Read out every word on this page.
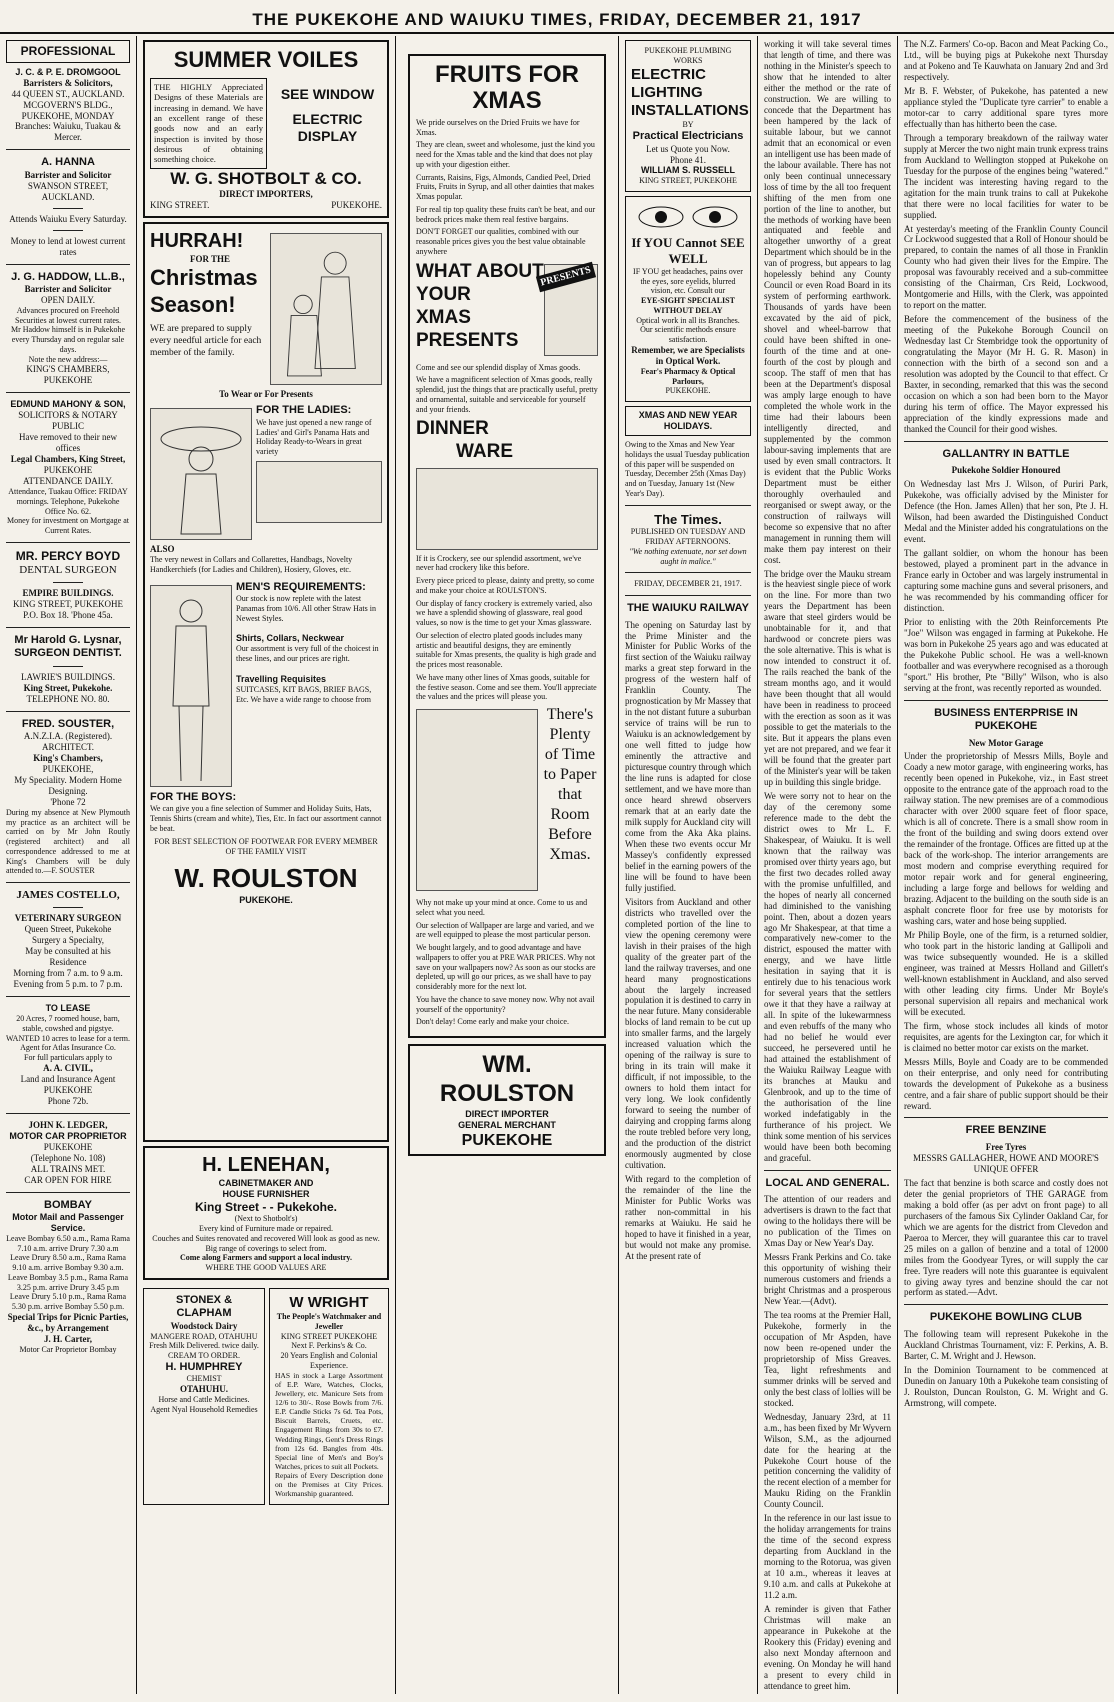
THE PUKEKOHE AND WAIUKU TIMES, FRIDAY, DECEMBER 21, 1917
PROFESSIONAL
J. C. & P. E. DROMGOOL
Barristers & Solicitors,
44 QUEEN ST., AUCKLAND.
MCGOVERN'S BLDG., PUKEKOHE, MONDAY
Branches: Waiuku, Tuakau & Mercer.
A. HANNA
Barrister and Solicitor
SWANSON STREET, AUCKLAND.
Attends Waiuku Every Saturday.
Money to lend at lowest current rates
J. G. HADDOW, LL.B.,
Barrister and Solicitor
OPEN DAILY.
Advances procured on Freehold Securities at lowest current rates.
Mr Haddow himself is in Pukekohe every Thursday and on regular sale days.
Note the new address:—
KING'S CHAMBERS, PUKEKOHE
EDMUND MAHONY & SON,
SOLICITORS & NOTARY PUBLIC
Have removed to their new offices
Legal Chambers, King Street,
PUKEKOHE
ATTENDANCE DAILY.
Attendance, Tuakau Office: FRIDAY mornings. Telephone, Pukekohe Office No. 62.
Money for investment on Mortgage at Current Rates.
MR. PERCY BOYD
DENTAL SURGEON
EMPIRE BUILDINGS.
KING STREET, PUKEKOHE
P.O. Box 18. 'Phone 45a.
Mr Harold G. Lysnar,
SURGEON DENTIST.
LAWRIE'S BUILDINGS.
King Street, Pukekohe.
TELEPHONE NO. 80.
FRED. SOUSTER,
A.N.Z.I.A. (Registered).
ARCHITECT.
King's Chambers,
PUKEKOHE,
My Speciality. Modern Home Designing.
'Phone 72
During my absence at New Plymouth my practice as an architect will be carried on by Mr John Routly (registered architect) and all correspondence addressed to me at King's Chambers will be duly attended to.—F. SOUSTER
JAMES COSTELLO,
VETERINARY SURGEON
Queen Street, Pukekohe
Surgery a Specialty,
May be consulted at his Residence
Morning from 7 a.m. to 9 a.m.
Evening from 5 p.m. to 7 p.m.
TO LEASE
20 Acres, 7 roomed house, barn, stable, cowshed and pigstye.
WANTED 10 acres to lease for a term.
Agent for Atlas Insurance Co.
For full particulars apply to
A. A. CIVIL,
Land and Insurance Agent
PUKEKOHE
Phone 72b.
JOHN K. LEDGER,
MOTOR CAR PROPRIETOR
PUKEKOHE
(Telephone No. 108)
ALL TRAINS MET.
CAR OPEN FOR HIRE
BOMBAY
Motor Mail and Passenger Service.
Leave Bombay 6.50 a.m., Rama Rama 7.10 a.m. arrive Drury 7.30 a.m
Leave Drury 8.50 a.m., Rama Rama 9.10 a.m. arrive Bombay 9.30 a.m.
Leave Bombay 3.5 p.m., Rama Rama 3.25 p.m. arrive Drury 3.45 p.m
Leave Drury 5.10 p.m., Rama Rama 5.30 p.m. arrive Bombay 5.50 p.m.
Special Trips for Picnic Parties, &c., by Arrangement
J. H. Carter,
Motor Car Proprietor Bombay
SUMMER VOILES
THE HIGHLY Appreciated Designs of these Materials are increasing in demand. We have an excellent range of these goods now and an early inspection is invited by those desirous of obtaining something choice.
SEE WINDOW
ELECTRIC DISPLAY
W. G. SHOTBOLT & CO.
DIRECT IMPORTERS,
KING STREET.	PUKEKOHE.
HURRAH!
FOR THE
Christmas
Season!
WE are prepared to supply every needful article for each member of the family.
To Wear or For Presents
FOR THE LADIES:
We have just opened a new range of Ladies' and Girl's Panama Hats and Holiday Ready-to-Wears in great variety
ALSO
The very newest in Collars and Collarettes, Handbags, Novelty Handkerchiefs (for Ladies and Children), Hosiery, Gloves, etc.
MEN'S REQUIREMENTS:
Our stock is now replete with the latest Panamas from 10/6. All other Straw Hats in Newest Styles.
Shirts, Collars, Neckwear
Our assortment is very full of the choicest in these lines, and our prices are right.
Travelling Requisites
SUITCASES, KIT BAGS, BRIEF BAGS, Etc. We have a wide range to choose from
FOR THE BOYS:
We can give you a fine selection of Summer and Holiday Suits, Hats, Tennis Shirts (cream and white), Ties, Etc. In fact our assortment cannot be beat.
FOR BEST SELECTION OF FOOTWEAR FOR EVERY MEMBER OF THE FAMILY VISIT
W. ROULSTON
PUKEKOHE.
H. LENEHAN,
CABINETMAKER AND
HOUSE FURNISHER
King Street - - Pukekohe.
(Next to Shotbolt's)
Every kind of Furniture made or repaired.
Couches and Suites renovated and recovered Will look as good as new. Big range of coverings to select from.
Come along Farmers and support a local industry.
WHERE THE GOOD VALUES ARE
STONEX & CLAPHAM
Woodstock Dairy
MANGERE ROAD, OTAHUHU
Fresh Milk Delivered. twice daily.
CREAM TO ORDER.
H. HUMPHREY
CHEMIST
OTAHUHU.
Horse and Cattle Medicines.
Agent Nyal Household Remedies
W WRIGHT
The People's Watchmaker and Jeweller
KING STREET PUKEKOHE
Next F. Perkins's & Co.
20 Years English and Colonial Experience.
HAS in stock a Large Assortment of E.P. Ware, Watches, Clocks, Jewellery, etc. Manicure Sets from 12/6 to 30/-. Rose Bowls from 7/6. E.P. Candle Sticks 7s 6d. Tea Pots, Biscuit Barrels, Cruets, etc. Engagement Rings from 30s to £7. Wedding Rings, Gent's Dress Rings from 12s 6d. Bangles from 40s. Special line of Men's and Boy's Watches, prices to suit all Pockets.
Repairs of Every Description done on the Premises at City Prices. Workmanship guaranteed.
FRUITS FOR XMAS

We pride ourselves on the Dried Fruits we have for Xmas.

They are clean, sweet and wholesome, just the kind you need for the Xmas table and the kind that does not play up with your digestion either.

Currants, Raisins, Figs, Almonds, Candied Peel, Dried Fruits, Fruits in Syrup, and all other dainties that makes Xmas popular.

For real tip top quality these fruits can't be beat, and our bedrock prices make them real festive bargains.

DON'T FORGET our qualities, combined with our reasonable prices gives you the best value obtainable anywhere

WHAT ABOUT
YOUR
XMAS
PRESENTS
PRESENTS

Come and see our splendid display of Xmas goods.

We have a magnificent selection of Xmas goods, really splendid, just the things that are practically useful, pretty and ornamental, suitable and serviceable for yourself and your friends.

DINNER
WARE

If it is Crockery, see our splendid assortment, we've never had crockery like this before.

Every piece priced to please, dainty and pretty, so come and make your choice at ROULSTON'S.

Our display of fancy crockery is extremely varied, also we have a splendid showing of glassware, real good values, so now is the time to get your Xmas glassware.

Our selection of electro plated goods includes many artistic and beautiful designs, they are eminently suitable for Xmas presents, the quality is high grade and the prices most reasonable.

We have many other lines of Xmas goods, suitable for the festive season. Come and see them. You'll appreciate the values and the prices will please you.

There's Plenty of Time to Paper that Room Before Xmas.

Why not make up your mind at once. Come to us and select what you need.

Our selection of Wallpaper are large and varied, and we are well equipped to please the most particular person.

We bought largely, and to good advantage and have wallpapers to offer you at PRE WAR PRICES. Why not save on your wallpapers now? As soon as our stocks are depleted, up will go our prices, as we shall have to pay considerably more for the next lot.

You have the chance to save money now. Why not avail yourself of the opportunity?

Don't delay! Come early and make your choice.

WM. ROULSTON
DIRECT IMPORTER
GENERAL MERCHANT
PUKEKOHE
PUKEKOHE PLUMBING WORKS
ELECTRIC
LIGHTING
INSTALLATIONS
BY
Practical Electricians
Let us Quote you Now.
Phone 41.
WILLIAM S. RUSSELL
KING STREET, PUKEKOHE
If YOU Cannot SEE WELL
IF YOU get headaches, pains over the eyes, sore eyelids, blurred vision, etc. Consult our
EYE-SIGHT SPECIALIST WITHOUT DELAY
Optical work in all its Branches.
Our scientific methods ensure satisfaction.
Remember, we are Specialists in Optical Work.
Fear's Pharmacy & Optical Parlours,
PUKEKOHE.
XMAS AND NEW YEAR HOLIDAYS.
Owing to the Xmas and New Year holidays the usual Tuesday publication of this paper will be suspended on Tuesday, December 25th (Xmas Day) and on Tuesday, January 1st (New Year's Day).
The Times.
PUBLISHED ON TUESDAY AND FRIDAY AFTERNOONS.
"We nothing extenuate, nor set down aught in malice."
FRIDAY, DECEMBER 21, 1917.
THE WAIUKU RAILWAY

The opening on Saturday last by the Prime Minister and the Minister for Public Works of the first section of the Waiuku railway marks a great step forward in the progress of the western half of Franklin County. The prognostication by Mr Massey that in the not distant future a suburban service of trains will be run to Waiuku is an acknowledgement by one well fitted to judge how eminently the attractive and picturesque country through which the line runs is adapted for close settlement, and we have more than once heard shrewd observers remark that at an early date the milk supply for Auckland city will come from the Aka Aka plains. When these two events occur Mr Massey's confidently expressed belief in the earning powers of the line will be found to have been fully justified.

Visitors from Auckland and other districts who travelled over the completed portion of the line to view the opening ceremony were lavish in their praises of the high quality of the greater part of the land the railway traverses, and one heard many prognostications about the largely increased population it is destined to carry in the near future. Many considerable blocks of land remain to be cut up into smaller farms, and the largely increased valuation which the opening of the railway is sure to bring in its train will make it difficult, if not impossible, to the owners to hold them intact for very long. We look confidently forward to seeing the number of dairying and cropping farms along the route trebled before very long, and the production of the district enormously augmented by close cultivation.

With regard to the completion of the remainder of the line the Minister for Public Works was rather non-committal in his remarks at Waiuku. He said he hoped to have it finished in a year, but would not make any promise. At the present rate of

working it will take several times that length of time, and there was nothing in the Minister's speech to show that he intended to alter either the method or the rate of construction. We are willing to concede that the Department has been hampered by the lack of suitable labour, but we cannot admit that an economical or even an intelligent use has been made of the labour available. There has not only been continual unnecessary loss of time by the all too frequent shifting of the men from one portion of the line to another, but the methods of working have been antiquated and feeble and altogether unworthy of a great Department which should be in the van of progress, but appears to lag hopelessly behind any County Council or even Road Board in its system of performing earthwork. Thousands of yards have been excavated by the aid of pick, shovel and wheel-barrow that could have been shifted in one-fourth of the time and at one-fourth of the cost by plough and scoop. The staff of men that has been at the Department's disposal was amply large enough to have completed the whole work in the time had their labours been intelligently directed, and supplemented by the common labour-saving implements that are used by even small contractors. It is evident that the Public Works Department must be either thoroughly overhauled and reorganised or swept away, or the construction of railways will become so expensive that no after management in running them will make them pay interest on their cost.

The bridge over the Mauku stream is the heaviest single piece of work on the line. For more than two years the Department has been aware that steel girders would be unobtainable for it, and that hardwood or concrete piers was the sole alternative. This is what is now intended to construct it of. The rails reached the bank of the stream months ago, and it would have been thought that all would have been in readiness to proceed with the erection as soon as it was possible to get the materials to the site. But it appears the plans even yet are not prepared, and we fear it will be found that the greater part of the Minister's year will be taken up in building this single bridge.

We were sorry not to hear on the day of the ceremony some reference made to the debt the district owes to Mr L. F. Shakespear, of Waiuku. It is well known that the railway was promised over thirty years ago, but the first two decades rolled away with the promise unfulfilled, and the hopes of nearly all concerned had diminished to the vanishing point. Then, about a dozen years ago Mr Shakespear, at that time a comparatively new-comer to the district, espoused the matter with energy, and we have little hesitation in saying that it is entirely due to his tenacious work for several years that the settlers owe it that they have a railway at all. In spite of the lukewarmness and even rebuffs of the many who had no belief he would ever succeed, he persevered until he had attained the establishment of the Waiuku Railway League with its branches at Mauku and Glenbrook, and up to the time of the authorisation of the line worked indefatigably in the furtherance of his project. We think some mention of his services would have been both becoming and graceful.

LOCAL AND GENERAL.

The attention of our readers and advertisers is drawn to the fact that owing to the holidays there will be no publication of the Times on Xmas Day or New Year's Day.

Messrs Frank Perkins and Co. take this opportunity of wishing their numerous customers and friends a bright Christmas and a prosperous New Year.—(Advt).

The tea rooms at the Premier Hall, Pukekohe, formerly in the occupation of Mr Aspden, have now been re-opened under the proprietorship of Miss Greaves. Tea, light refreshments and summer drinks will be served and only the best class of lollies will be stocked.

Wednesday, January 23rd, at 11 a.m., has been fixed by Mr Wyvern Wilson, S.M., as the adjourned date for the hearing at the Pukekohe Court house of the petition concerning the validity of the recent election of a member for Mauku Riding on the Franklin County Council.

In the reference in our last issue to the holiday arrangements for trains the time of the second express departing from Auckland in the morning to the Rotorua, was given at 10 a.m., whereas it leaves at 9.10 a.m. and calls at Pukekohe at 11.2 a.m.

A reminder is given that Father Christmas will make an appearance in Pukekohe at the Rookery this (Friday) evening and also next Monday afternoon and evening. On Monday he will hand a present to every child in attendance to greet him.

The N.Z. Farmers' Co-op. Bacon and Meat Packing Co., Ltd., will be buying pigs at Pukekohe next Thursday and at Pokeno and Te Kauwhata on January 2nd and 3rd respectively.

Mr B. F. Webster, of Pukekohe, has patented a new appliance styled the "Duplicate tyre carrier" to enable a motor-car to carry additional spare tyres more effectually than has hitherto been the case.

Through a temporary breakdown of the railway water supply at Mercer the two night main trunk express trains from Auckland to Wellington stopped at Pukekohe on Tuesday for the purpose of the engines being "watered." The incident was interesting having regard to the agitation for the main trunk trains to call at Pukekohe that there were no local facilities for water to be supplied.

At yesterday's meeting of the Franklin County Council Cr Lockwood suggested that a Roll of Honour should be prepared, to contain the names of all those in Franklin County who had given their lives for the Empire. The proposal was favourably received and a sub-committee consisting of the Chairman, Crs Reid, Lockwood, Montgomerie and Hills, with the Clerk, was appointed to report on the matter.

Before the commencement of the business of the meeting of the Pukekohe Borough Council on Wednesday last Cr Stembridge took the opportunity of congratulating the Mayor (Mr H. G. R. Mason) in connection with the birth of a second son and a resolution was adopted by the Council to that effect. Cr Baxter, in seconding, remarked that this was the second occasion on which a son had been born to the Mayor during his term of office. The Mayor expressed his appreciation of the kindly expressions made and thanked the Council for their good wishes.

GALLANTRY IN BATTLE
Pukekohe Soldier Honoured

On Wednesday last Mrs J. Wilson, of Puriri Park, Pukekohe, was officially advised by the Minister for Defence (the Hon. James Allen) that her son, Pte J. H. Wilson, had been awarded the Distinguished Conduct Medal and the Minister added his congratulations on the event.

The gallant soldier, on whom the honour has been bestowed, played a prominent part in the advance in France early in October and was largely instrumental in capturing some machine guns and several prisoners, and he was recommended by his commanding officer for distinction.

Prior to enlisting with the 20th Reinforcements Pte "Joe" Wilson was engaged in farming at Pukekohe. He was born in Pukekohe 25 years ago and was educated at the Pukekohe Public school. He was a well-known footballer and was everywhere recognised as a thorough "sport." His brother, Pte "Billy" Wilson, who is also serving at the front, was recently reported as wounded.

BUSINESS ENTERPRISE IN PUKEKOHE
New Motor Garage

Under the proprietorship of Messrs Mills, Boyle and Coady a new motor garage, with engineering works, has recently been opened in Pukekohe, viz., in East street opposite to the entrance gate of the approach road to the railway station. The new premises are of a commodious character with over 2000 square feet of floor space, which is all of concrete. There is a small show room in the front of the building and swing doors extend over the remainder of the frontage. Offices are fitted up at the back of the work-shop. The interior arrangements are most modern and comprise everything required for motor repair work and for general engineering, including a large forge and bellows for welding and brazing. Adjacent to the building on the south side is an asphalt concrete floor for free use by motorists for washing cars, water and hose being supplied.

Mr Philip Boyle, one of the firm, is a returned soldier, who took part in the historic landing at Gallipoli and was twice subsequently wounded. He is a skilled engineer, was trained at Messrs Holland and Gillett's well-known establishment in Auckland, and also served with other leading city firms. Under Mr Boyle's personal supervision all repairs and mechanical work will be executed.

The firm, whose stock includes all kinds of motor requisites, are agents for the Lexington car, for which it is claimed no better motor car exists on the market.

Messrs Mills, Boyle and Coady are to be commended on their enterprise, and only need for contributing towards the development of Pukekohe as a business centre, and a fair share of public support should be their reward.

FREE BENZINE
Free Tyres
MESSRS GALLAGHER, HOWE AND MOORE'S UNIQUE OFFER

The fact that benzine is both scarce and costly does not deter the genial proprietors of THE GARAGE from making a bold offer (as per advt on front page) to all purchasers of the famous Six Cylinder Oakland Car, for which we are agents for the district from Clevedon and Paeroa to Mercer, they will guarantee this car to travel 25 miles on a gallon of benzine and a total of 12000 miles from the Goodyear Tyres, or will supply the car free. Tyre readers will note this guarantee is equivalent to giving away tyres and benzine should the car not perform as stated.—Advt.

PUKEKOHE BOWLING CLUB

The following team will represent Pukekohe in the Auckland Christmas Tournament, viz: F. Perkins, A. B. Barter, C. M. Wright and J. Hewson.

In the Dominion Tournament to be commenced at Dunedin on January 10th a Pukekohe team consisting of J. Roulston, Duncan Roulston, G. M. Wright and G. Armstrong, will compete.
